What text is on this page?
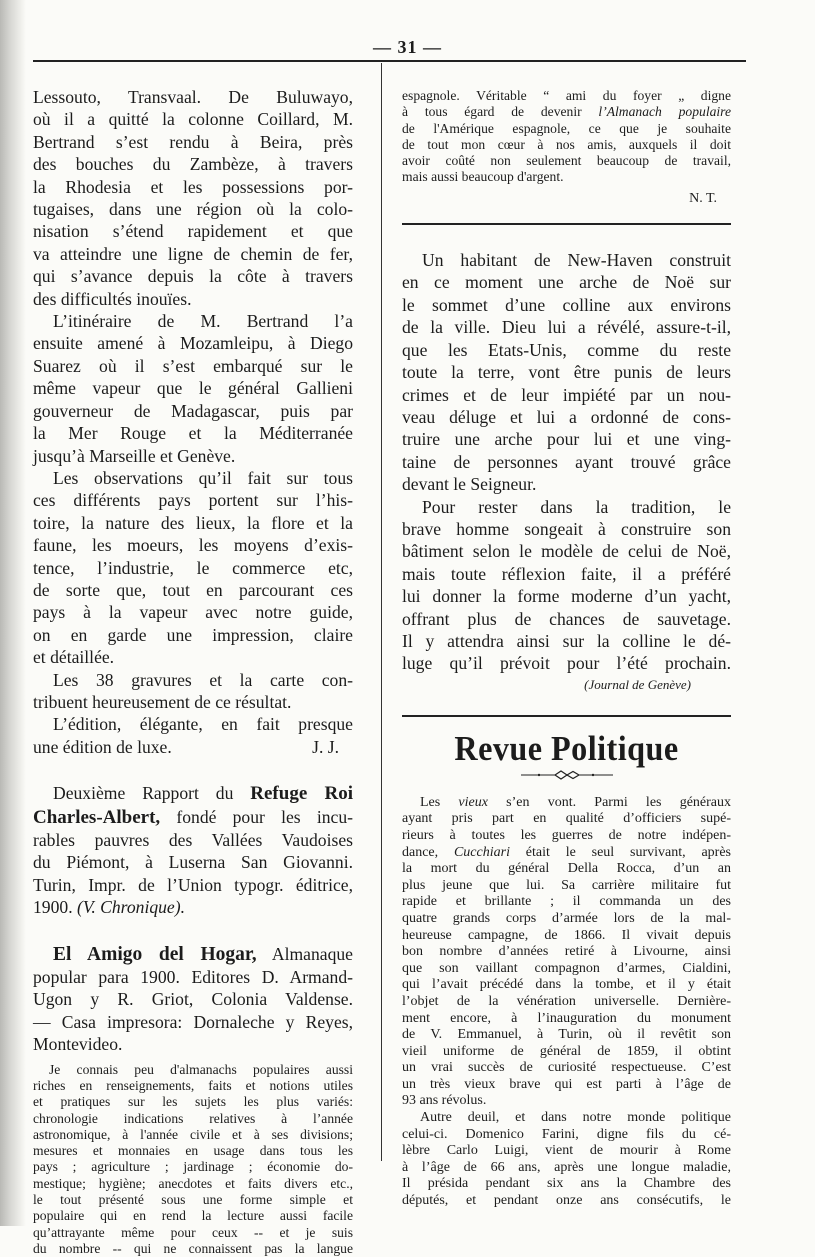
— 31 —

Lessouto, Transvaal. De Buluwayo,
où il a quitté la colonne Coillard, M.
Bertrand s’est rendu à Beira, près
des bouches du Zambèze, à travers
la Rhodesia et les possessions por-
tugaises, dans une région où la colo-
nisation s’étend rapidement et que
va atteindre une ligne de chemin de fer,
qui s’avance depuis la côte à travers
des difficultés inouïes.

L’itinéraire de M. Bertrand l’a
ensuite amené à Mozamleipu, à Diego
Suarez où il s’est embarqué sur le
même vapeur que le général Gallieni
gouverneur de Madagascar, puis par
la Mer Rouge et la Méditerranée
jusqu’à Marseille et Genève.

Les observations qu’il fait sur tous
ces différents pays portent sur l’his-
toire, la nature des lieux, la flore et la
faune, les moeurs, les moyens d’exis-
tence, l’industrie, le commerce etc,
de sorte que, tout en parcourant ces
pays à la vapeur avec notre guide,
on en garde une impression, claire
et détaillée.

Les 38 gravures et la carte con-
tribuent heureusement de ce résultat.

L’édition, élégante, en fait presque
une édition de luxe.	J. J.

Deuxième Rapport du Refuge Roi
Charles-Albert, fondé pour les incu-
rables pauvres des Vallées Vaudoises
du Piémont, à Luserna San Giovanni.
Turin, Impr. de l’Union typogr. éditrice,
1900. (V. Chronique).

El Amigo del Hogar, Almanaque
popular para 1900. Editores D. Armand-
Ugon y R. Griot, Colonia Valdense.
— Casa impresora: Dornaleche y Reyes,
Montevideo.

Je connais peu d'almanachs populaires aussi
riches en renseignements, faits et notions utiles
et pratiques sur les sujets les plus variés:
chronologie indications relatives à l’année
astronomique, à l'année civile et à ses divisions;
mesures et monnaies en usage dans tous les
pays ; agriculture ; jardinage ; économie do-
mestique; hygiène; anecdotes et faits divers etc.,
le tout présenté sous une forme simple et
populaire qui en rend la lecture aussi facile
qu’attrayante même pour ceux -- et je suis
du nombre -- qui ne connaissent pas la langue

espagnole. Véritable “ ami du foyer „ digne
à tous égard de devenir l’Almanach populaire
de l'Amérique espagnole, ce que je souhaite
de tout mon cœur à nos amis, auxquels il doit
avoir coûté non seulement beaucoup de travail,
mais aussi beaucoup d'argent.

N. T.

Un habitant de New-Haven construit
en ce moment une arche de Noë sur
le sommet d’une colline aux environs
de la ville. Dieu lui a révélé, assure-t-il,
que les Etats-Unis, comme du reste
toute la terre, vont être punis de leurs
crimes et de leur impiété par un nou-
veau déluge et lui a ordonné de cons-
truire une arche pour lui et une ving-
taine de personnes ayant trouvé grâce
devant le Seigneur.

Pour rester dans la tradition, le
brave homme songeait à construire son
bâtiment selon le modèle de celui de Noë,
mais toute réflexion faite, il a préféré
lui donner la forme moderne d’un yacht,
offrant plus de chances de sauvetage.
Il y attendra ainsi sur la colline le dé-
luge qu’il prévoit pour l’été prochain.

(Journal de Genève)
Revue Politique

Les vieux s’en vont. Parmi les généraux
ayant pris part en qualité d’officiers supé-
rieurs à toutes les guerres de notre indépen-
dance, Cucchiari était le seul survivant, après
la mort du général Della Rocca, d’un an
plus jeune que lui. Sa carrière militaire fut
rapide et brillante ; il commanda un des
quatre grands corps d’armée lors de la mal-
heureuse campagne, de 1866. Il vivait depuis
bon nombre d’années retiré à Livourne, ainsi
que son vaillant compagnon d’armes, Cialdini,
qui l’avait précédé dans la tombe, et il y était
l’objet de la vénération universelle. Dernière-
ment encore, à l’inauguration du monument
de V. Emmanuel, à Turin, où il revêtit son
vieil uniforme de général de 1859, il obtint
un vrai succès de curiosité respectueuse. C’est
un très vieux brave qui est parti à l’âge de
93 ans révolus.

Autre deuil, et dans notre monde politique
celui-ci. Domenico Farini, digne fils du cé-
lèbre Carlo Luigi, vient de mourir à Rome
à l’âge de 66 ans, après une longue maladie,
Il présida pendant six ans la Chambre des
députés, et pendant onze ans consécutifs, le
